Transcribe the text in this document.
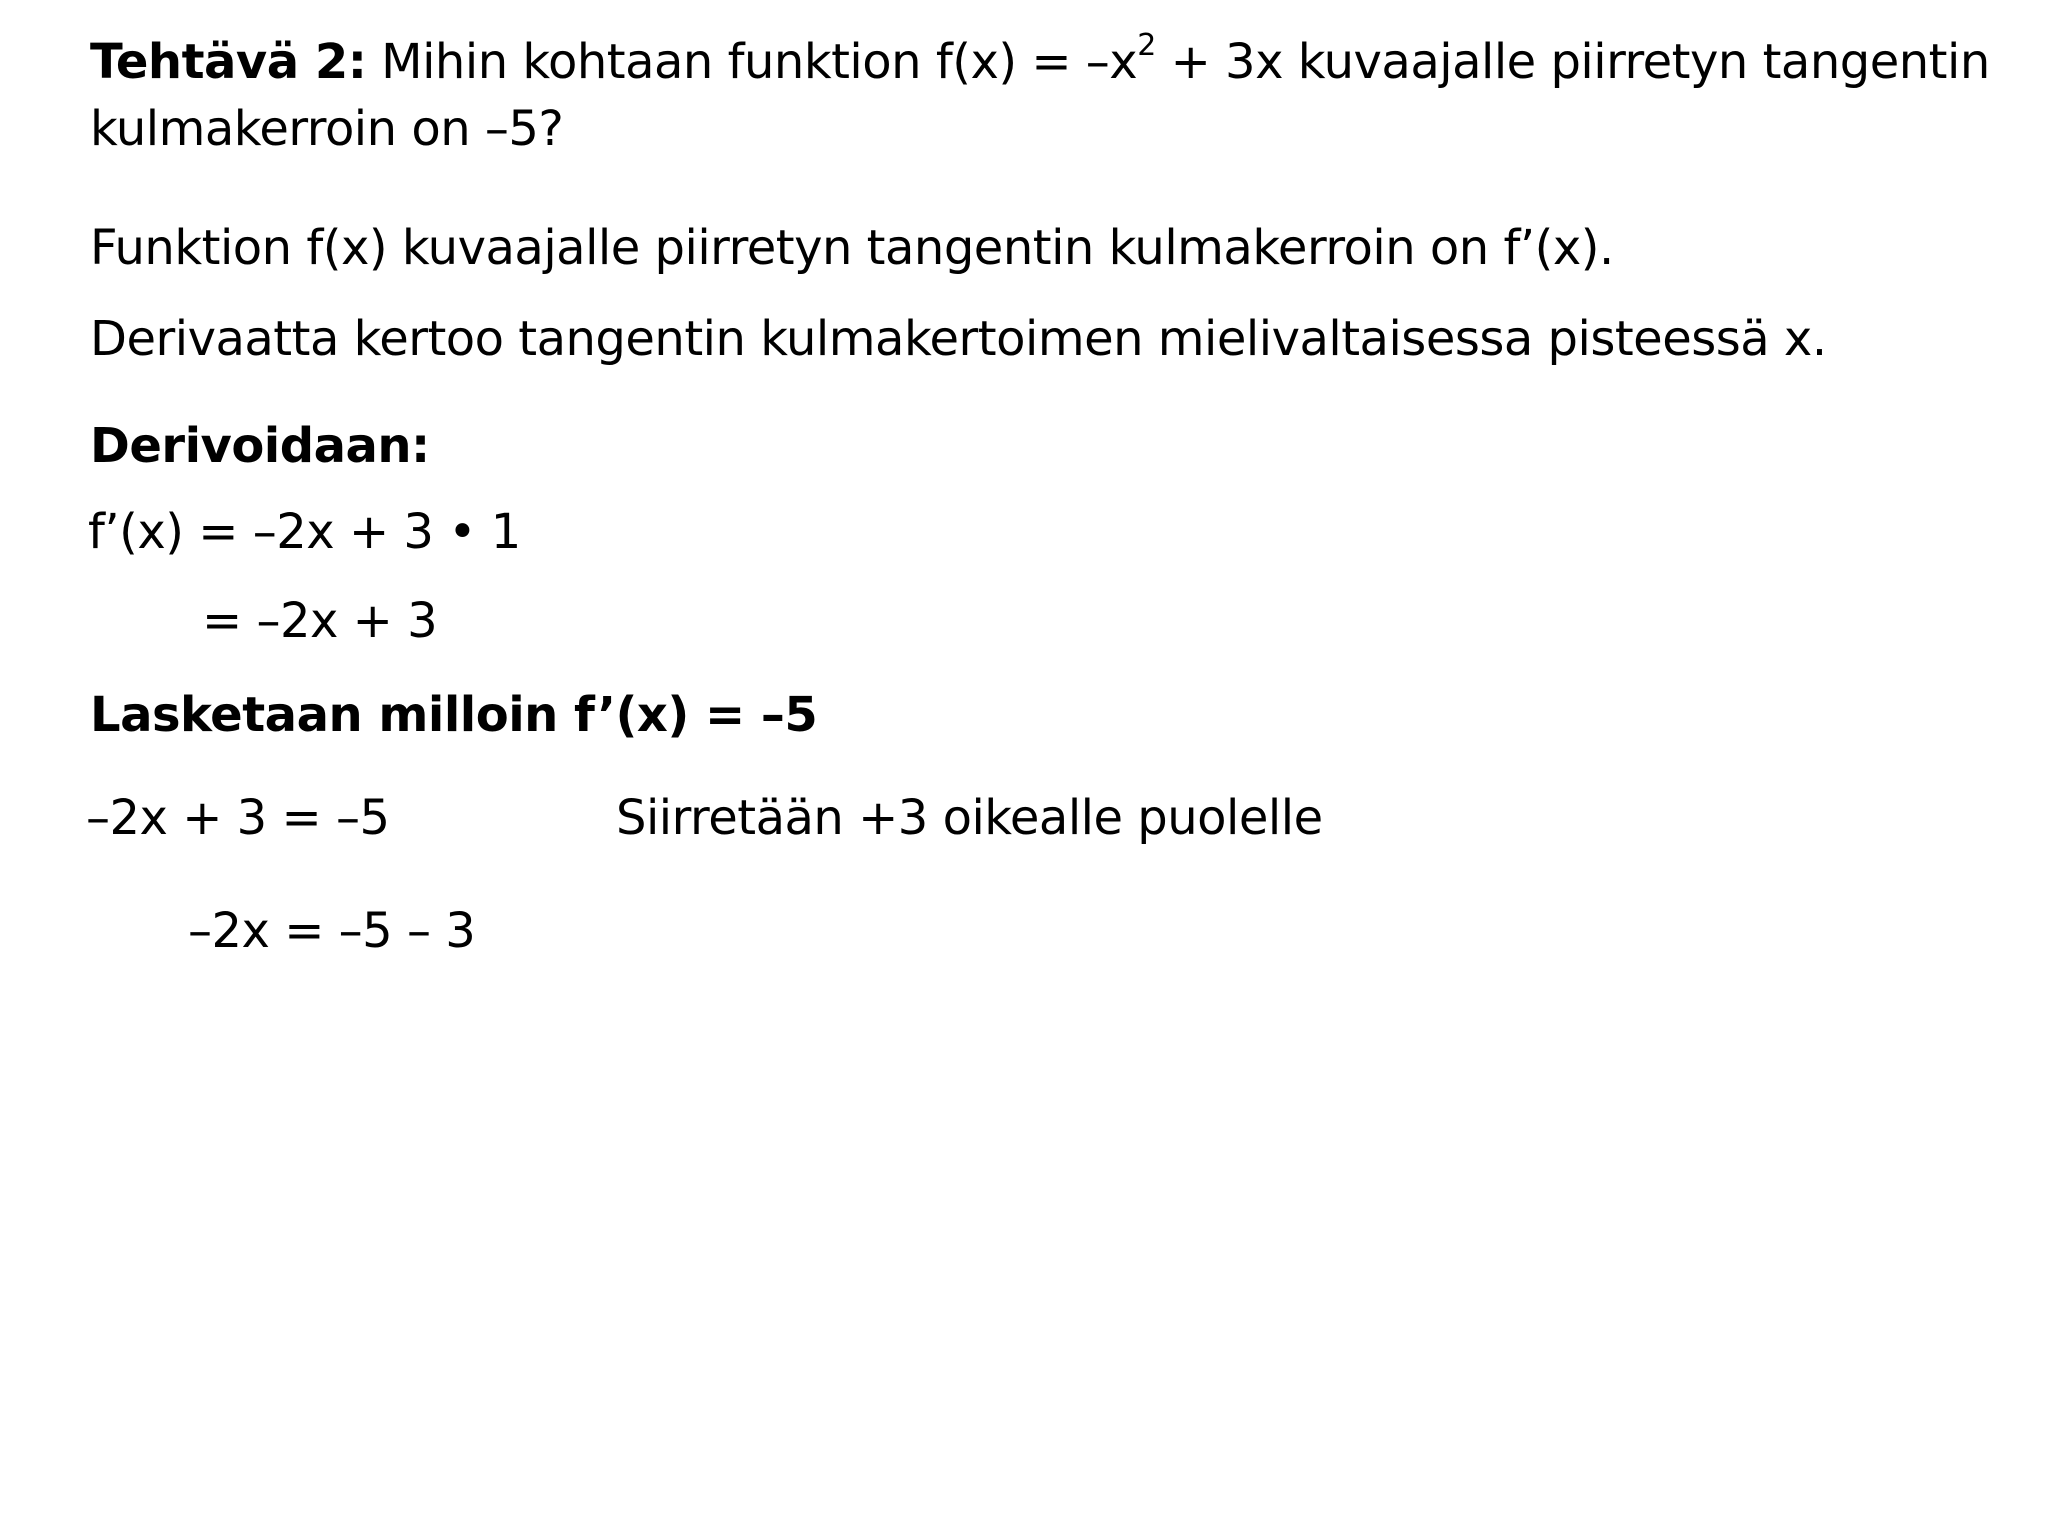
Tehtävä 2: Mihin kohtaan funktion $f(x) = -x^2 + 3x$ kuvaajalle piirretyn tangentin
kulmakerroin on –5?
Funktion f(x) kuvaajalle piirretyn tangentin kulmakerroin on f’(x).
Derivaatta kertoo tangentin kulmakertoimen mielivaltaisessa pisteessä x.
Derivoidaan:
f’(x) = –2x + 3 • 1
= –2x + 3
Lasketaan milloin f’(x) = –5
–2x + 3 = –5	Siirretään +3 oikealle puolelle
–2x = –5 – 3
